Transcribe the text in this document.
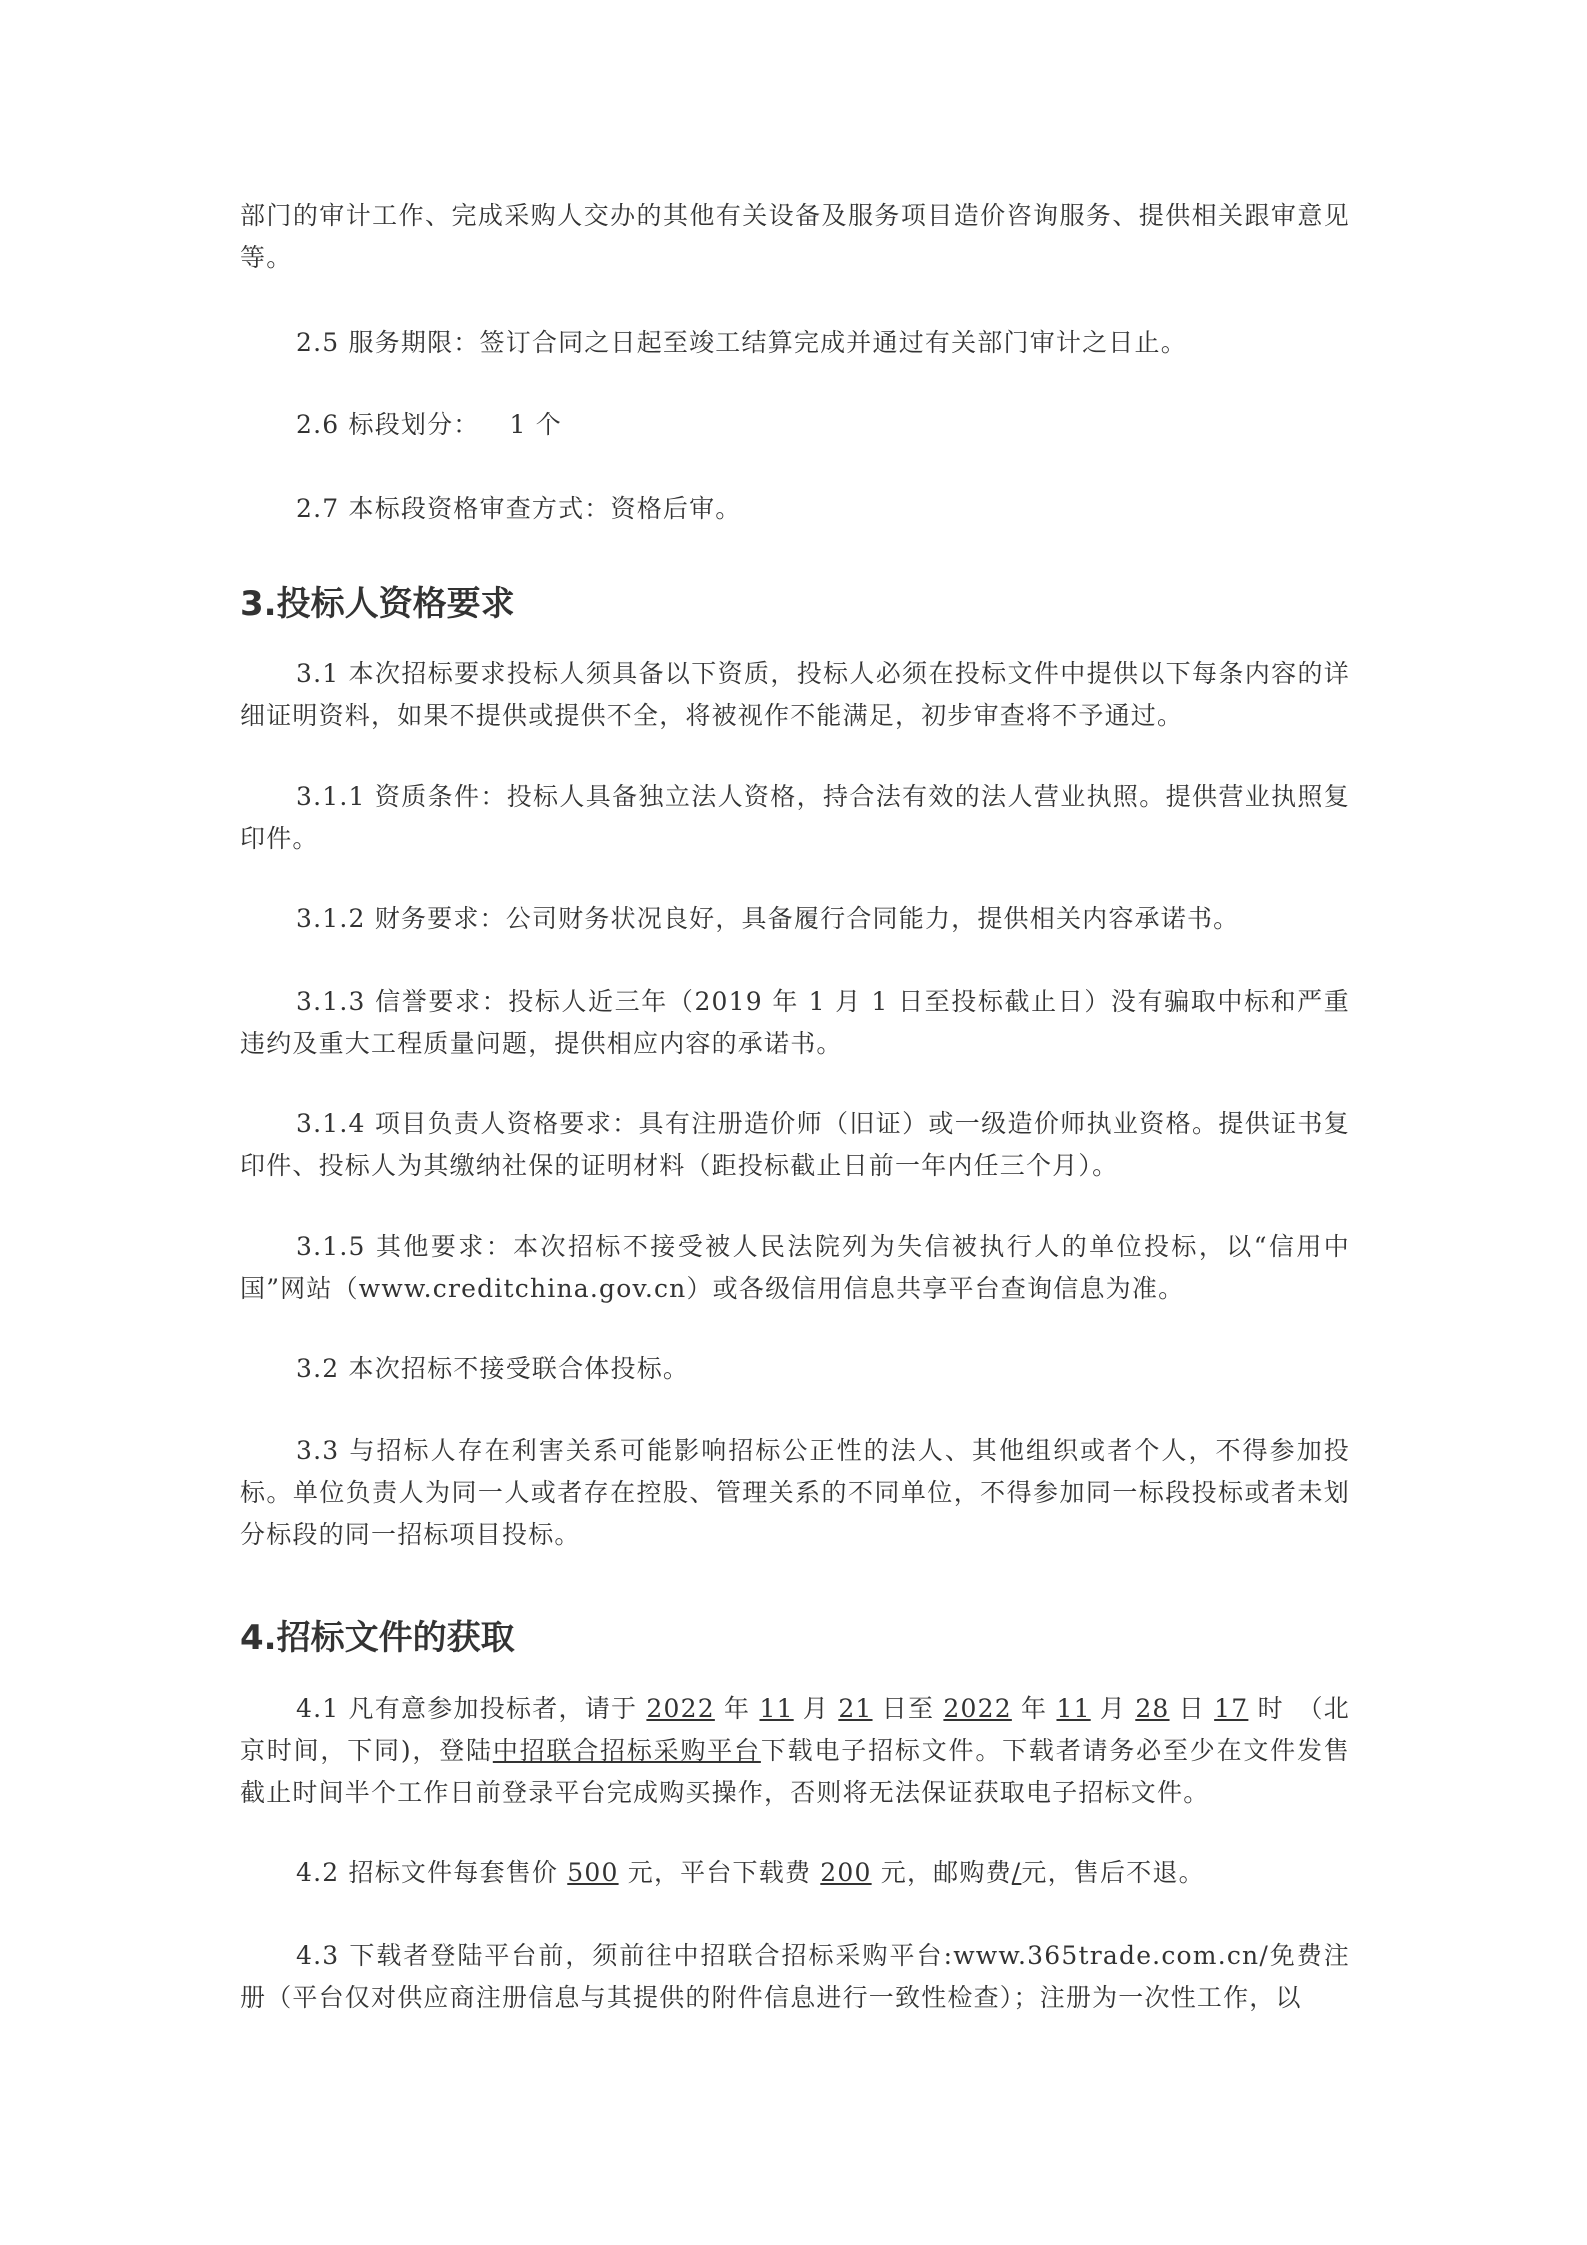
部门的审计工作、完成采购人交办的其他有关设备及服务项目造价咨询服务、提供相关跟审意见等。

2.5 服务期限：签订合同之日起至竣工结算完成并通过有关部门审计之日止。

2.6 标段划分： 1 个

2.7 本标段资格审查方式：资格后审。

3.投标人资格要求

3.1 本次招标要求投标人须具备以下资质，投标人必须在投标文件中提供以下每条内容的详细证明资料，如果不提供或提供不全，将被视作不能满足，初步审查将不予通过。

3.1.1 资质条件：投标人具备独立法人资格，持合法有效的法人营业执照。提供营业执照复印件。

3.1.2 财务要求：公司财务状况良好，具备履行合同能力，提供相关内容承诺书。

3.1.3 信誉要求：投标人近三年（2019 年 1 月 1 日至投标截止日）没有骗取中标和严重违约及重大工程质量问题，提供相应内容的承诺书。

3.1.4 项目负责人资格要求：具有注册造价师（旧证）或一级造价师执业资格。提供证书复印件、投标人为其缴纳社保的证明材料（距投标截止日前一年内任三个月）。

3.1.5 其他要求：本次招标不接受被人民法院列为失信被执行人的单位投标，以“信用中国”网站（www.creditchina.gov.cn）或各级信用信息共享平台查询信息为准。

3.2 本次招标不接受联合体投标。

3.3 与招标人存在利害关系可能影响招标公正性的法人、其他组织或者个人，不得参加投标。单位负责人为同一人或者存在控股、管理关系的不同单位，不得参加同一标段投标或者未划分标段的同一招标项目投标。

4.招标文件的获取

4.1 凡有意参加投标者，请于 2022 年 11 月 21 日至 2022 年 11 月 28 日 17 时　（北京时间，下同)，登陆中招联合招标采购平台下载电子招标文件。下载者请务必至少在文件发售截止时间半个工作日前登录平台完成购买操作，否则将无法保证获取电子招标文件。

4.2 招标文件每套售价 500 元，平台下载费 200 元，邮购费/元，售后不退。

4.3 下载者登陆平台前，须前往中招联合招标采购平台:www.365trade.com.cn/免费注册（平台仅对供应商注册信息与其提供的附件信息进行一致性检查）；注册为一次性工作，以
